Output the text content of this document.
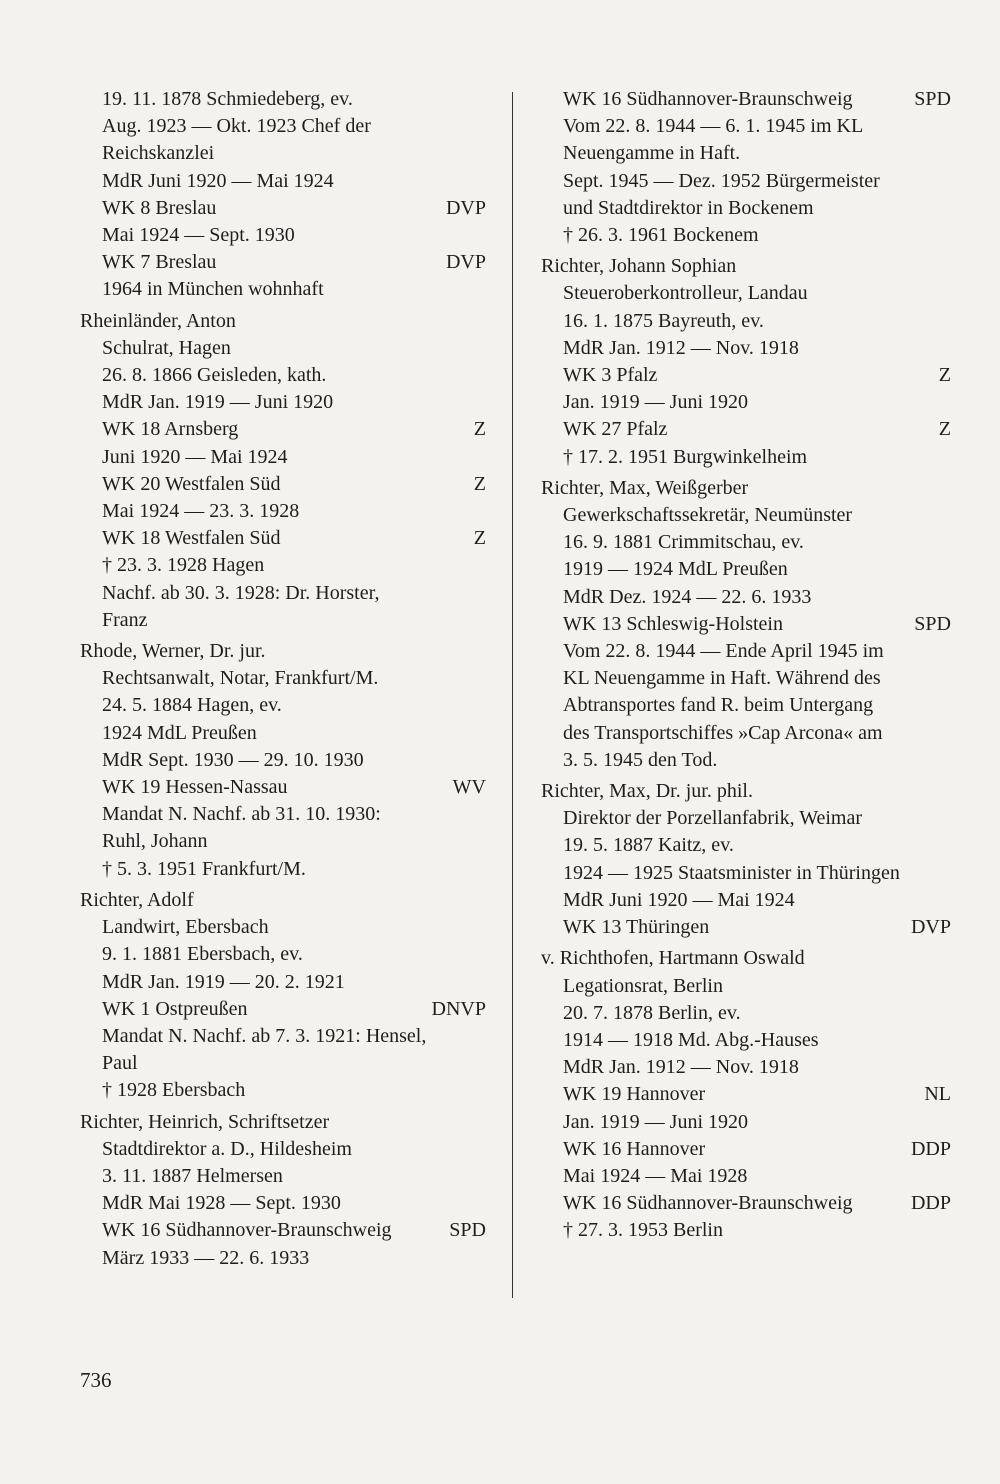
19. 11. 1878 Schmiedeberg, ev.
Aug. 1923 — Okt. 1923 Chef der
Reichskanzlei
MdR Juni 1920 — Mai 1924
WK 8 Breslau	DVP
Mai 1924 — Sept. 1930
WK 7 Breslau	DVP
1964 in München wohnhaft
Rheinländer, Anton
Schulrat, Hagen
26. 8. 1866 Geisleden, kath.
MdR Jan. 1919 — Juni 1920
WK 18 Arnsberg	Z
Juni 1920 — Mai 1924
WK 20 Westfalen Süd	Z
Mai 1924 — 23. 3. 1928
WK 18 Westfalen Süd	Z
† 23. 3. 1928 Hagen
Nachf. ab 30. 3. 1928: Dr. Horster,
Franz
Rhode, Werner, Dr. jur.
Rechtsanwalt, Notar, Frankfurt/M.
24. 5. 1884 Hagen, ev.
1924 MdL Preußen
MdR Sept. 1930 — 29. 10. 1930
WK 19 Hessen-Nassau	WV
Mandat N. Nachf. ab 31. 10. 1930:
Ruhl, Johann
† 5. 3. 1951 Frankfurt/M.
Richter, Adolf
Landwirt, Ebersbach
9. 1. 1881 Ebersbach, ev.
MdR Jan. 1919 — 20. 2. 1921
WK 1 Ostpreußen	DNVP
Mandat N. Nachf. ab 7. 3. 1921: Hensel,
Paul
† 1928 Ebersbach
Richter, Heinrich, Schriftsetzer
Stadtdirektor a. D., Hildesheim
3. 11. 1887 Helmersen
MdR Mai 1928 — Sept. 1930
WK 16 Südhannover-Braunschweig	SPD
März 1933 — 22. 6. 1933
WK 16 Südhannover-Braunschweig	SPD
Vom 22. 8. 1944 — 6. 1. 1945 im KL
Neuengamme in Haft.
Sept. 1945 — Dez. 1952 Bürgermeister
und Stadtdirektor in Bockenem
† 26. 3. 1961 Bockenem
Richter, Johann Sophian
Steueroberkontrolleur, Landau
16. 1. 1875 Bayreuth, ev.
MdR Jan. 1912 — Nov. 1918
WK 3 Pfalz	Z
Jan. 1919 — Juni 1920
WK 27 Pfalz	Z
† 17. 2. 1951 Burgwinkelheim
Richter, Max, Weißgerber
Gewerkschaftssekretär, Neumünster
16. 9. 1881 Crimmitschau, ev.
1919 — 1924 MdL Preußen
MdR Dez. 1924 — 22. 6. 1933
WK 13 Schleswig-Holstein	SPD
Vom 22. 8. 1944 — Ende April 1945 im
KL Neuengamme in Haft. Während des
Abtransportes fand R. beim Untergang
des Transportschiffes »Cap Arcona« am
3. 5. 1945 den Tod.
Richter, Max, Dr. jur. phil.
Direktor der Porzellanfabrik, Weimar
19. 5. 1887 Kaitz, ev.
1924 — 1925 Staatsminister in Thüringen
MdR Juni 1920 — Mai 1924
WK 13 Thüringen	DVP
v. Richthofen, Hartmann Oswald
Legationsrat, Berlin
20. 7. 1878 Berlin, ev.
1914 — 1918 Md. Abg.-Hauses
MdR Jan. 1912 — Nov. 1918
WK 19 Hannover	NL
Jan. 1919 — Juni 1920
WK 16 Hannover	DDP
Mai 1924 — Mai 1928
WK 16 Südhannover-Braunschweig	DDP
† 27. 3. 1953 Berlin
736
